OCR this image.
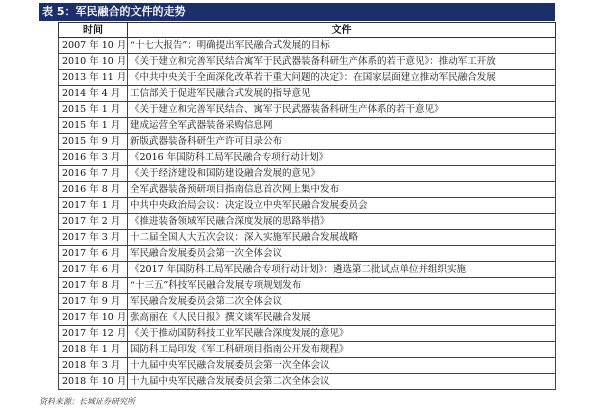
表 5：军民融合的文件的走势
时间	文件
2007 年 10 月	“十七大报告”：明确提出军民融合式发展的目标
2010 年 10 月	《关于建立和完善军民结合寓军于民武器装备科研生产体系的若干意见》：推动军工开放
2013 年 11 月	《中共中央关于全面深化改革若干重大问题的决定》：在国家层面建立推动军民融合发展
2014 年 4 月	工信部关于促进军民融合式发展的指导意见
2015 年 1 月	《关于建立和完善军民结合、寓军于民武器装备科研生产体系的若干意见》
2015 年 1 月	建成运营全军武器装备采购信息网
2015 年 9 月	新版武器装备科研生产许可目录公布
2016 年 3 月	《2016 年国防科工局军民融合专项行动计划》
2016 年 7 月	《关于经济建设和国防建设融合发展的意见》
2016 年 8 月	全军武器装备预研项目指南信息首次网上集中发布
2017 年 1 月	中共中央政治局会议：决定设立中央军民融合发展委员会
2017 年 2 月	《推进装备领域军民融合深度发展的思路举措》
2017 年 3 月	十二届全国人大五次会议：深入实施军民融合发展战略
2017 年 6 月	军民融合发展委员会第一次全体会议
2017 年 6 月	《2017 年国防科工局军民融合专项行动计划》：遴选第二批试点单位并组织实施
2017 年 8 月	“十三五”科技军民融合发展专项规划发布
2017 年 9 月	军民融合发展委员会第二次全体会议
2017 年 10 月	张高丽在《人民日报》撰文谈军民融合发展
2017 年 12 月	《关于推动国防科技工业军民融合深度发展的意见》
2018 年 1 月	国防科工局印发《军工科研项目指南公开发布规程》
2018 年 3 月	十九届中央军民融合发展委员会第一次全体会议
2018 年 10 月	十九届中央军民融合发展委员会第二次全体会议
资料来源：长城证券研究所
